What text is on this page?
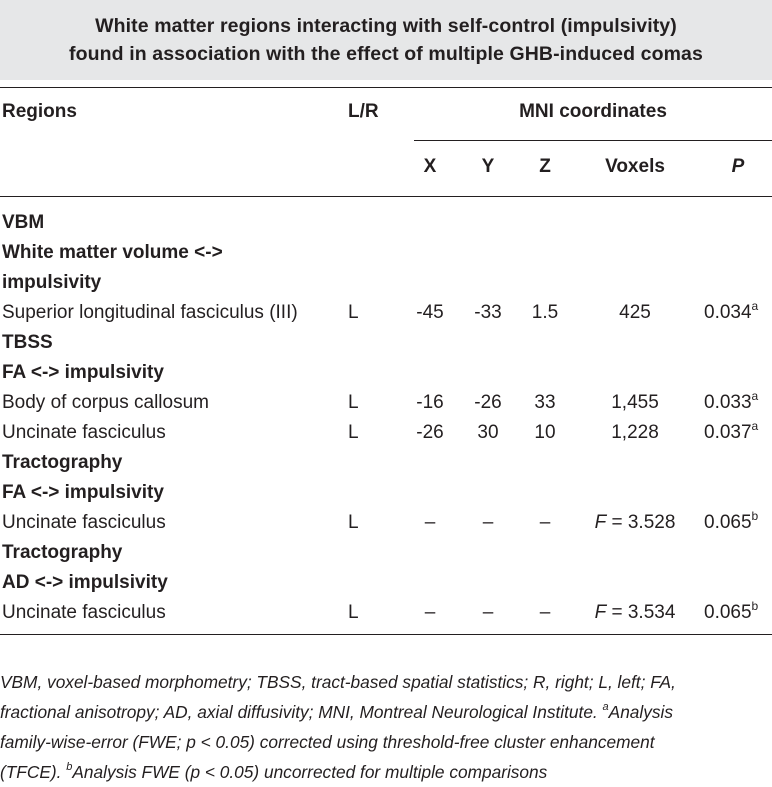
White matter regions interacting with self-control (impulsivity)
found in association with the effect of multiple GHB-induced comas
Regions	L/R	MNI coordinates
X	Y	Z	Voxels	P
VBM
White matter volume <->
impulsivity
Superior longitudinal fasciculus (III)	L	-45	-33	1.5	425	0.034$^a$
TBSS
FA <-> impulsivity
Body of corpus callosum	L	-16	-26	33	1,455	0.033$^a$
Uncinate fasciculus	L	-26	30	10	1,228	0.037$^a$
Tractography
FA <-> impulsivity
Uncinate fasciculus	L	–	–	–	F = 3.528	0.065$^b$
Tractography
AD <-> impulsivity
Uncinate fasciculus	L	–	–	–	F = 3.534	0.065$^b$
VBM, voxel-based morphometry; TBSS, tract-based spatial statistics; R, right; L, left; FA,
fractional anisotropy; AD, axial diffusivity; MNI, Montreal Neurological Institute. $^a$Analysis
family-wise-error (FWE; p < 0.05) corrected using threshold-free cluster enhancement
(TFCE). $^b$Analysis FWE (p < 0.05) uncorrected for multiple comparisons
